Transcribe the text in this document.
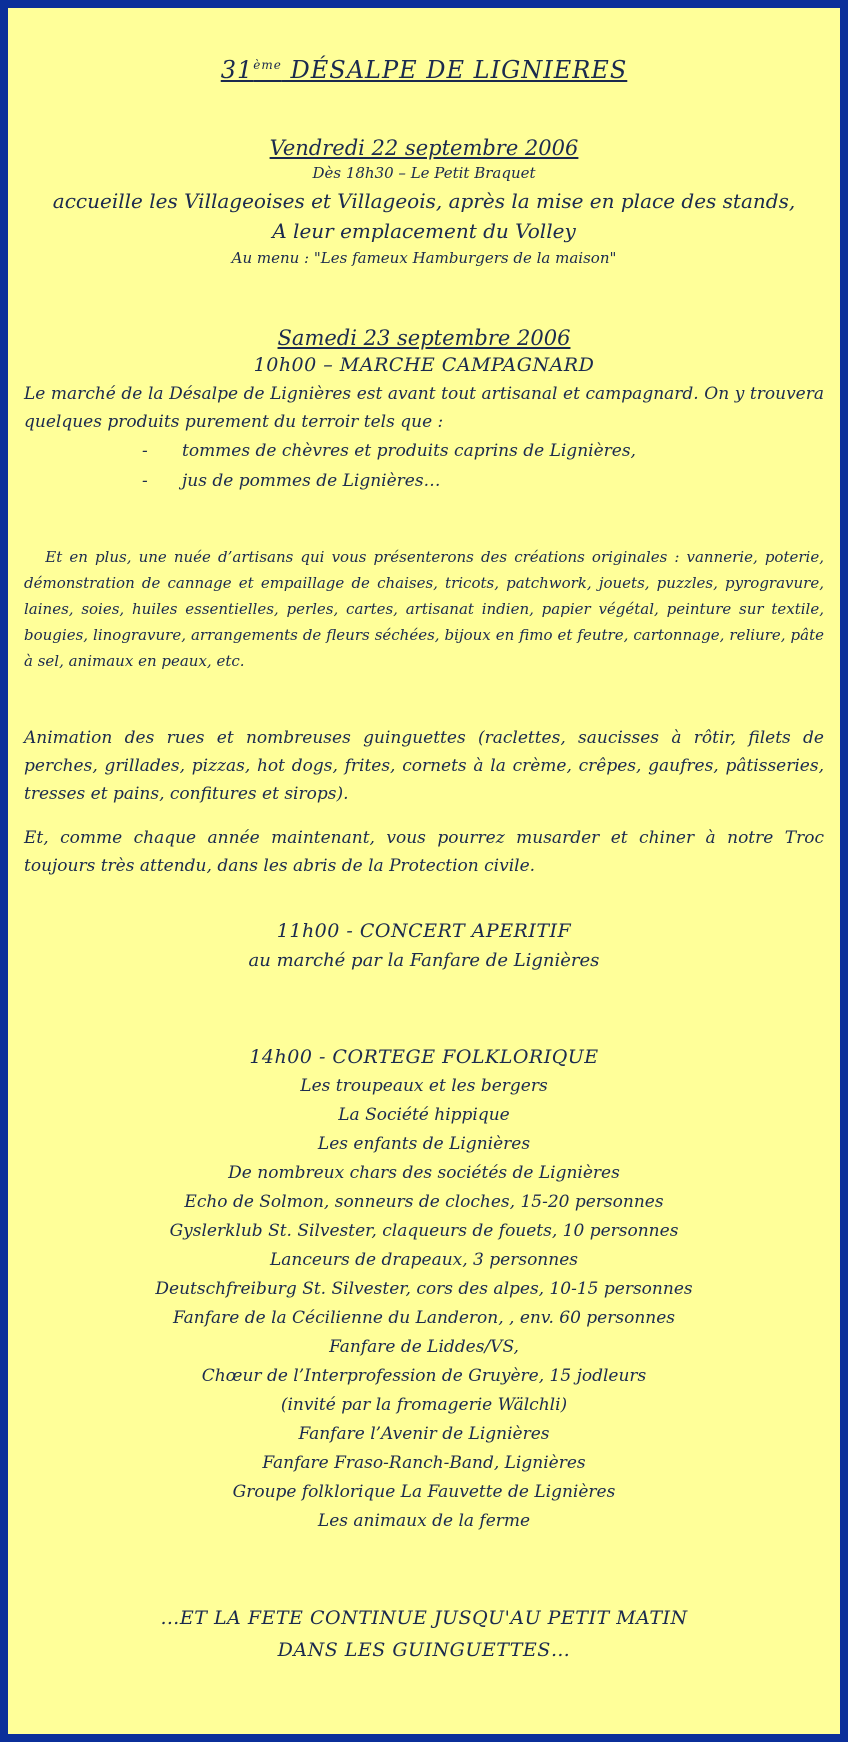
31ème DÉSALPE DE LIGNIERES

Vendredi 22 septembre 2006

Dès 18h30 – Le Petit Braquet

accueille les Villageoises et Villageois, après la mise en place des stands,

A leur emplacement du Volley

Au menu : "Les fameux Hamburgers de la maison"

Samedi 23 septembre 2006

10h00 – MARCHE CAMPAGNARD

Le marché de la Désalpe de Lignières est avant tout artisanal et campagnard. On y trouvera quelques produits purement du terroir tels que :

- tommes de chèvres et produits caprins de Lignières,
- jus de pommes de Lignières…

Et en plus, une nuée d’artisans qui vous présenterons des créations originales : vannerie, poterie, démonstration de cannage et empaillage de chaises, tricots, patchwork, jouets, puzzles, pyrogravure, laines, soies, huiles essentielles, perles, cartes, artisanat indien, papier végétal, peinture sur textile, bougies, linogravure, arrangements de fleurs séchées, bijoux en fimo et feutre, cartonnage, reliure, pâte à sel, animaux en peaux, etc.

Animation des rues et nombreuses guinguettes (raclettes, saucisses à rôtir, filets de perches, grillades, pizzas, hot dogs, frites, cornets à la crème, crêpes, gaufres, pâtisseries, tresses et pains, confitures et sirops).

Et, comme chaque année maintenant, vous pourrez musarder et chiner à notre Troc toujours très attendu, dans les abris de la Protection civile.

11h00 - CONCERT APERITIF

au marché par la Fanfare de Lignières

14h00 - CORTEGE FOLKLORIQUE

Les troupeaux et les bergers

La Société hippique

Les enfants de Lignières

De nombreux chars des sociétés de Lignières

Echo de Solmon, sonneurs de cloches, 15-20 personnes

Gyslerklub St. Silvester, claqueurs de fouets, 10 personnes

Lanceurs de drapeaux, 3 personnes

Deutschfreiburg St. Silvester, cors des alpes, 10-15 personnes

Fanfare de la Cécilienne du Landeron, , env. 60 personnes

Fanfare de Liddes/VS,

Chœur de l’Interprofession de Gruyère, 15 jodleurs

(invité par la fromagerie Wälchli)

Fanfare l’Avenir de Lignières

Fanfare Fraso-Ranch-Band, Lignières

Groupe folklorique La Fauvette de Lignières

Les animaux de la ferme

…ET LA FETE CONTINUE JUSQU'AU PETIT MATIN

DANS LES GUINGUETTES…
